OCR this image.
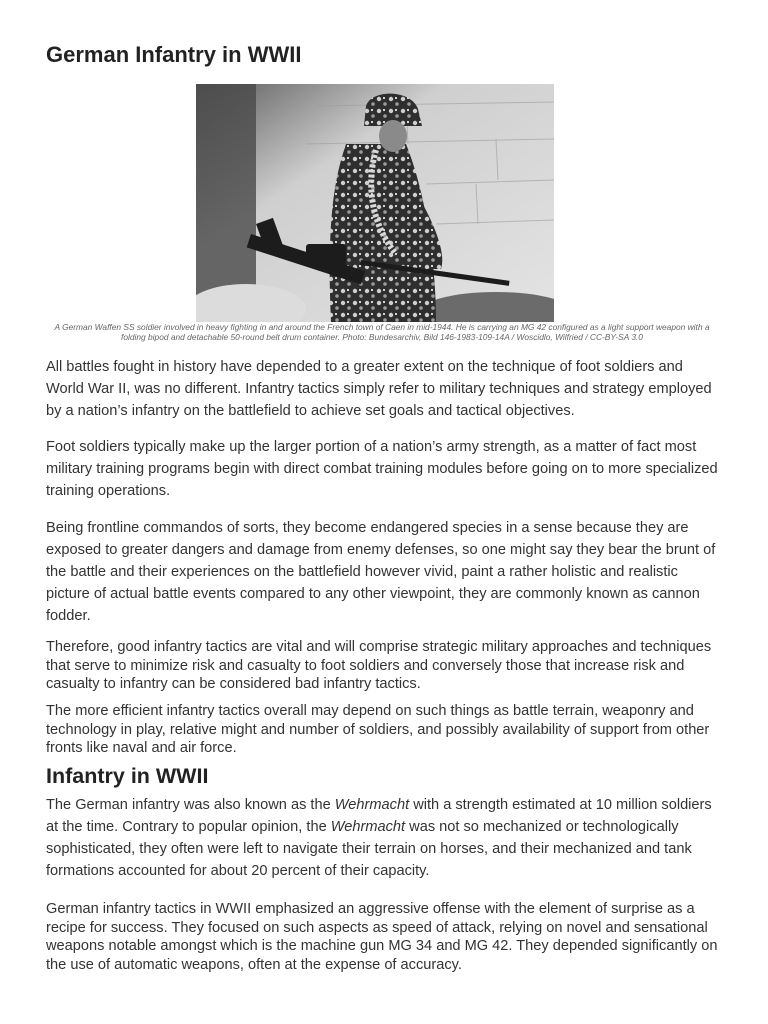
German Infantry in WWII

A German Waffen SS soldier involved in heavy fighting in and around the French town of Caen in mid-1944. He is carrying an MG 42 configured as a light support weapon with a folding bipod and detachable 50-round belt drum container. Photo: Bundesarchiv, Bild 146-1983-109-14A / Woscidlo, Wilfried / CC-BY-SA 3.0

All battles fought in history have depended to a greater extent on the technique of foot soldiers and World War II, was no different. Infantry tactics simply refer to military techniques and strategy employed by a nation’s infantry on the battlefield to achieve set goals and tactical objectives.

Foot soldiers typically make up the larger portion of a nation’s army strength, as a matter of fact most military training programs begin with direct combat training modules before going on to more specialized training operations.

Being frontline commandos of sorts, they become endangered species in a sense because they are exposed to greater dangers and damage from enemy defenses, so one might say they bear the brunt of the battle and their experiences on the battlefield however vivid, paint a rather holistic and realistic picture of actual battle events compared to any other viewpoint, they are commonly known as cannon fodder.

Therefore, good infantry tactics are vital and will comprise strategic military approaches and techniques that serve to minimize risk and casualty to foot soldiers and conversely those that increase risk and casualty to infantry can be considered bad infantry tactics.

The more efficient infantry tactics overall may depend on such things as battle terrain, weaponry and technology in play, relative might and number of soldiers, and possibly availability of support from other fronts like naval and air force.

Infantry in WWII

The German infantry was also known as the Wehrmacht with a strength estimated at 10 million soldiers at the time. Contrary to popular opinion, the Wehrmacht was not so mechanized or technologically sophisticated, they often were left to navigate their terrain on horses, and their mechanized and tank formations accounted for about 20 percent of their capacity.

German infantry tactics in WWII emphasized an aggressive offense with the element of surprise as a recipe for success. They focused on such aspects as speed of attack, relying on novel and sensational weapons notable amongst which is the machine gun MG 34 and MG 42. They depended significantly on the use of automatic weapons, often at the expense of accuracy.
